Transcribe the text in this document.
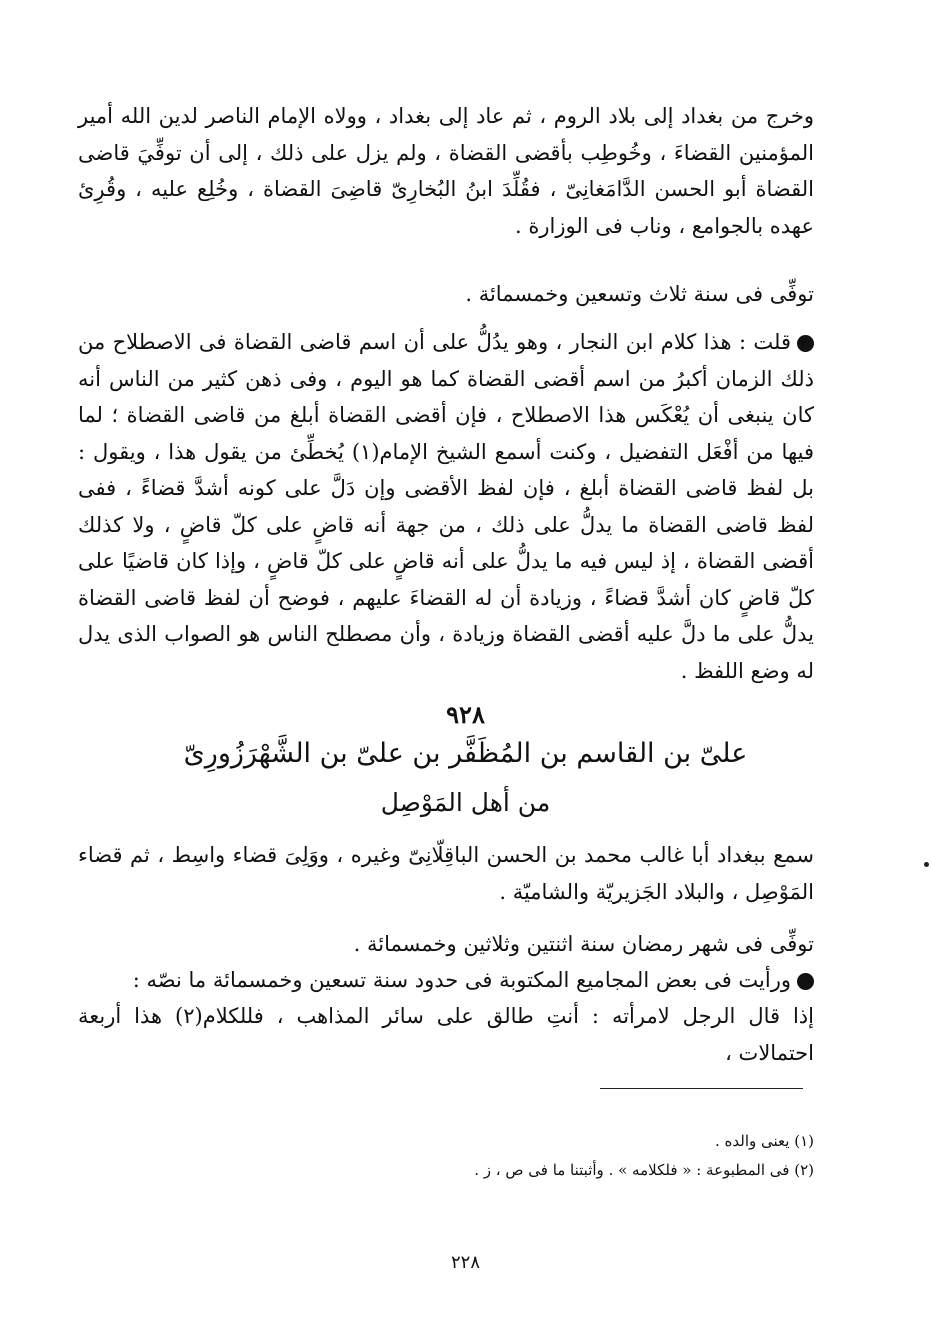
وخرج من بغداد إلى بلاد الروم ، ثم عاد إلى بغداد ، وولاه الإمام الناصر لدين الله أمير المؤمنين القضاءَ ، وخُوطِب بأقضى القضاة ، ولم يزل على ذلك ، إلى أن توفِّيَ قاضى القضاة أبو الحسن الدَّامَغانِىّ ، فقُلِّدَ ابنُ البُخارِىّ قاضِىَ القضاة ، وخُلِع عليه ، وقُرِئ عهده بالجوامع ، وناب فى الوزارة .

توفِّى فى سنة ثلاث وتسعين وخمسمائة .

قلت : هذا كلام ابن النجار ، وهو يدُلُّ على أن اسم قاضى القضاة فى الاصطلاح من ذلك الزمان أكبرُ من اسم أقضى القضاة كما هو اليوم ، وفى ذهن كثير من الناس أنه كان ينبغى أن يُعْكَس هذا الاصطلاح ، فإن أقضى القضاة أبلغ من قاضى القضاة ؛ لما فيها من أفْعَل التفضيل ، وكنت أسمع الشيخ الإمام(١) يُخطِّئ من يقول هذا ، ويقول : بل لفظ قاضى القضاة أبلغ ، فإن لفظ الأقضى وإن دَلَّ على كونه أشدَّ قضاءً ، ففى لفظ قاضى القضاة ما يدلُّ على ذلك ، من جهة أنه قاضٍ على كلّ قاضٍ ، ولا كذلك أقضى القضاة ، إذ ليس فيه ما يدلُّ على أنه قاضٍ على كلّ قاضٍ ، وإذا كان قاضيًا على كلّ قاضٍ كان أشدَّ قضاءً ، وزيادة أن له القضاءَ عليهم ، فوضح أن لفظ قاضى القضاة يدلُّ على ما دلَّ عليه أقضى القضاة وزيادة ، وأن مصطلح الناس هو الصواب الذى يدل له وضع اللفظ .

٩٢٨

علىّ بن القاسم بن المُظَفَّر بن علىّ بن الشَّهْرَزُورِىّ

من أهل المَوْصِل

سمع ببغداد أبا غالب محمد بن الحسن الباقِلّانِىّ وغيره ، ووَلِىَ قضاء واسِط ، ثم قضاء المَوْصِل ، والبلاد الجَزيريّة والشاميّة .

توفِّى فى شهر رمضان سنة اثنتين وثلاثين وخمسمائة .

ورأيت فى بعض المجاميع المكتوبة فى حدود سنة تسعين وخمسمائة ما نصّه :

إذا قال الرجل لامرأته : أنتِ طالق على سائر المذاهب ، فللكلام(٢) هذا أربعة احتمالات ،

(١) يعنى والده .

(٢) فى المطبوعة : « فلكلامه » . وأثبتنا ما فى ص ، ز .

٢٢٨
